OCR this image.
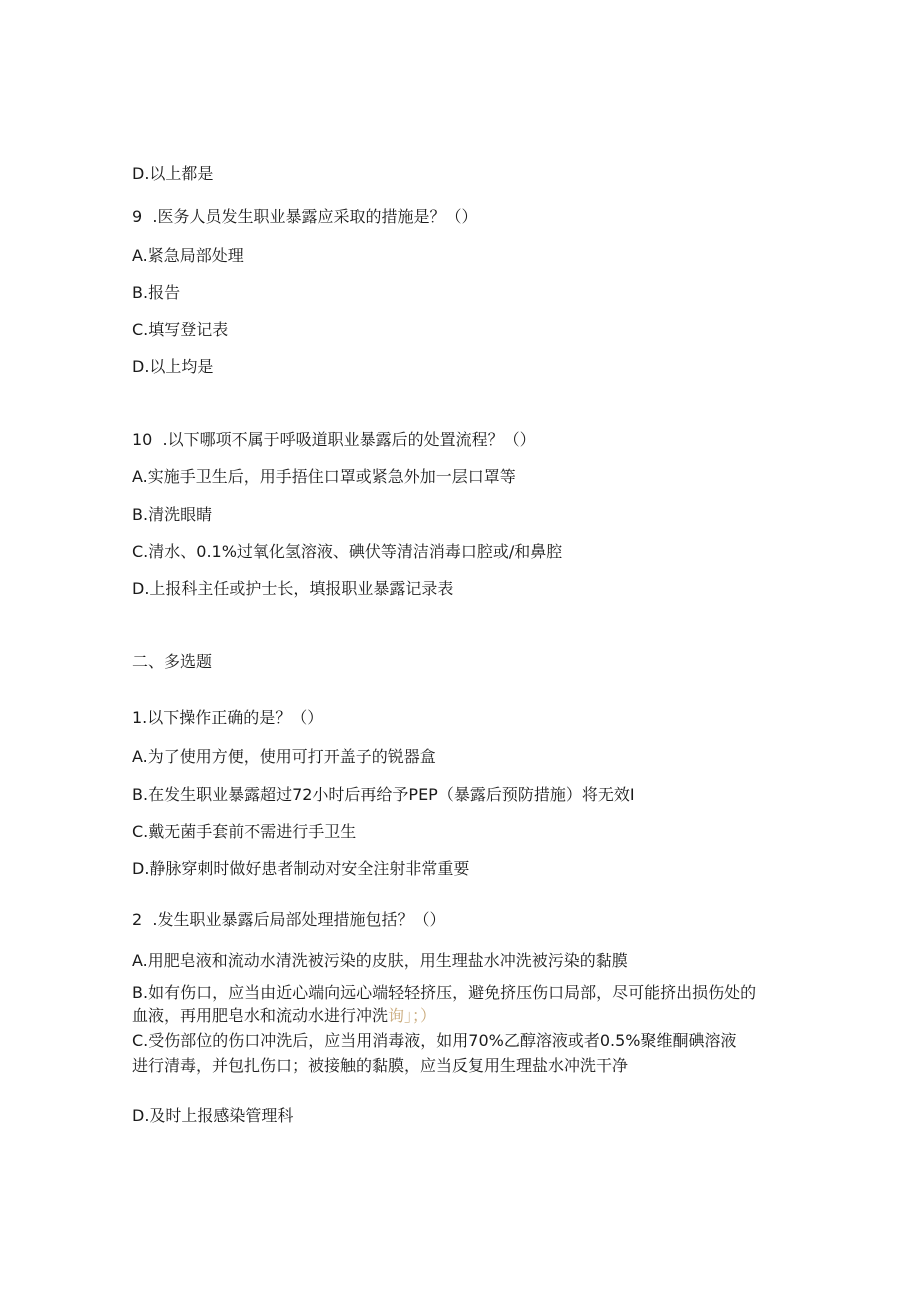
D.以上都是

9  .医务人员发生职业暴露应采取的措施是？（）

A.紧急局部处理

B.报告

C.填写登记表

D.以上均是

10  .以下哪项不属于呼吸道职业暴露后的处置流程？（）

A.实施手卫生后，用手捂住口罩或紧急外加一层口罩等

B.清洗眼睛

C.清水、0.1%过氧化氢溶液、碘伏等清洁消毒口腔或/和鼻腔

D.上报科主任或护士长，填报职业暴露记录表

二、多选题

1.以下操作正确的是？（）

A.为了使用方便，使用可打开盖子的锐器盒

B.在发生职业暴露超过72小时后再给予PEP（暴露后预防措施）将无效I

C.戴无菌手套前不需进行手卫生

D.静脉穿刺时做好患者制动对安全注射非常重要

2  .发生职业暴露后局部处理措施包括？（）

A.用肥皂液和流动水清洗被污染的皮肤，用生理盐水冲洗被污染的黏膜

B.如有伤口，应当由近心端向远心端轻轻挤压，避免挤压伤口局部，尽可能挤出损伤处的

血液，再用肥皂水和流动水进行冲洗询」；）

C.受伤部位的伤口冲洗后，应当用消毒液，如用70%乙醇溶液或者0.5%聚维酮碘溶液

进行清毒，并包扎伤口；被接触的黏膜，应当反复用生理盐水冲洗干净

D.及时上报感染管理科
